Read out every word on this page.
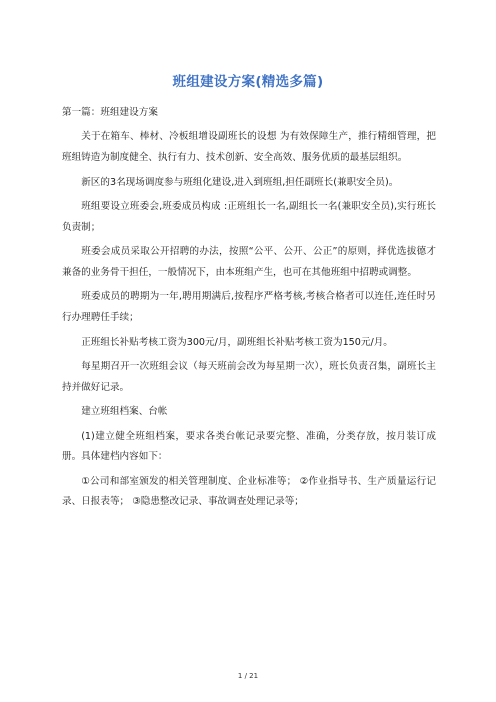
班组建设方案(精选多篇)

第一篇：班组建设方案

关于在箱车、棒材、冷板组增设副班长的设想 为有效保障生产，推行精细管理，把班组铸造为制度健全、执行有力、技术创新、安全高效、服务优质的最基层组织。

新区的3名现场调度参与班组化建设,进入到班组,担任副班长(兼职安全员)。

班组要设立班委会,班委成员构成 :正班组长一名,副组长一名(兼职安全员),实行班长负责制；

班委会成员采取公开招聘的办法，按照“公平、公开、公正”的原则，择优选拔德才兼备的业务骨干担任，一般情况下，由本班组产生，也可在其他班组中招聘或调整。

班委成员的聘期为一年,聘用期满后,按程序严格考核,考核合格者可以连任,连任时另行办理聘任手续；

正班组长补贴考核工资为300元/月，副班组长补贴考核工资为150元/月。

每星期召开一次班组会议（每天班前会改为每星期一次），班长负责召集，副班长主持并做好记录。

建立班组档案、台帐

(1)建立健全班组档案，要求各类台帐记录要完整、准确，分类存放，按月装订成册。具体建档内容如下：

①公司和部室颁发的相关管理制度、企业标准等； ②作业指导书、生产质量运行记录、日报表等； ③隐患整改记录、事故调查处理记录等；

1 / 21
